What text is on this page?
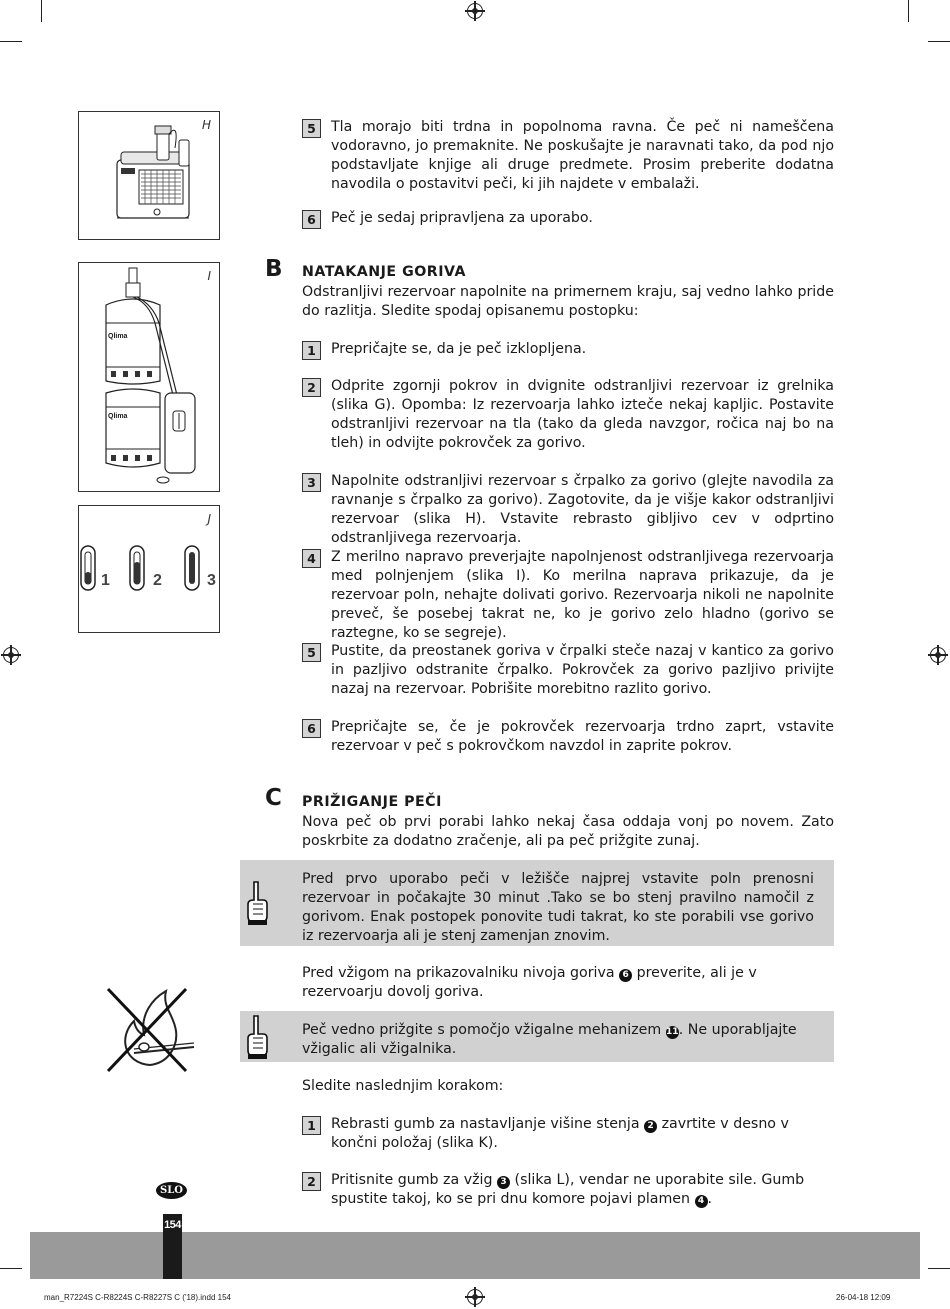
H
I
Qlima
Qlima
J
1	2	3
5	Tla morajo biti trdna in popolnoma ravna. Če peč ni nameščena vodoravno, jo premaknite. Ne poskušajte je naravnati tako, da pod njo podstavljate knjige ali druge predmete. Prosim preberite dodatna navodila o postavitvi peči, ki jih najdete v embalaži.
6	Peč je sedaj pripravljena za uporabo.
B NATAKANJE GORIVA
Odstranljivi rezervoar napolnite na primernem kraju, saj vedno lahko pride do razlitja. Sledite spodaj opisanemu postopku:
1	Prepričajte se, da je peč izklopljena.
2	Odprite zgornji pokrov in dvignite odstranljivi rezervoar iz grelnika (slika G). Opomba: Iz rezervoarja lahko izteče nekaj kapljic. Postavite odstranljivi rezervoar na tla (tako da gleda navzgor, ročica naj bo na tleh) in odvijte pokrovček za gorivo.
3	Napolnite odstranljivi rezervoar s črpalko za gorivo (glejte navodila za ravnanje s črpalko za gorivo). Zagotovite, da je višje kakor odstranljivi rezervoar (slika H). Vstavite rebrasto gibljivo cev v odprtino odstranljivega rezervoarja.
4	Z merilno napravo preverjajte napolnjenost odstranljivega rezervoarja med polnjenjem (slika I). Ko merilna naprava prikazuje, da je rezervoar poln, nehajte dolivati gorivo. Rezervoarja nikoli ne napolnite preveč, še posebej takrat ne, ko je gorivo zelo hladno (gorivo se raztegne, ko se segreje).
5	Pustite, da preostanek goriva v črpalki steče nazaj v kantico za gorivo in pazljivo odstranite črpalko. Pokrovček za gorivo pazljivo privijte nazaj na rezervoar. Pobrišite morebitno razlito gorivo.
6	Prepričajte se, če je pokrovček rezervoarja trdno zaprt, vstavite rezervoar v peč s pokrovčkom navzdol in zaprite pokrov.
C PRIŽIGANJE PEČI
Nova peč ob prvi porabi lahko nekaj časa oddaja vonj po novem. Zato poskrbite za dodatno zračenje, ali pa peč prižgite zunaj.
Pred prvo uporabo peči v ležišče najprej vstavite poln prenosni rezervoar in počakajte 30 minut .Tako se bo stenj pravilno namočil z gorivom. Enak postopek ponovite tudi takrat, ko ste porabili vse gorivo iz rezervoarja ali je stenj zamenjan znovim.
Pred vžigom na prikazovalniku nivoja goriva 6 preverite, ali je v rezervoarju dovolj goriva.
Peč vedno prižgite s pomočjo vžigalne mehanizem 11. Ne uporabljajte vžigalic ali vžigalnika.
Sledite naslednjim korakom:
1	Rebrasti gumb za nastavljanje višine stenja 2 zavrtite v desno v končni položaj (slika K).
2	Pritisnite gumb za vžig 3 (slika L), vendar ne uporabite sile. Gumb spustite takoj, ko se pri dnu komore pojavi plamen 4 .
SLO
154
man_R7224S C-R8224S C-R8227S C ('18).indd 154	26-04-18 12:09
